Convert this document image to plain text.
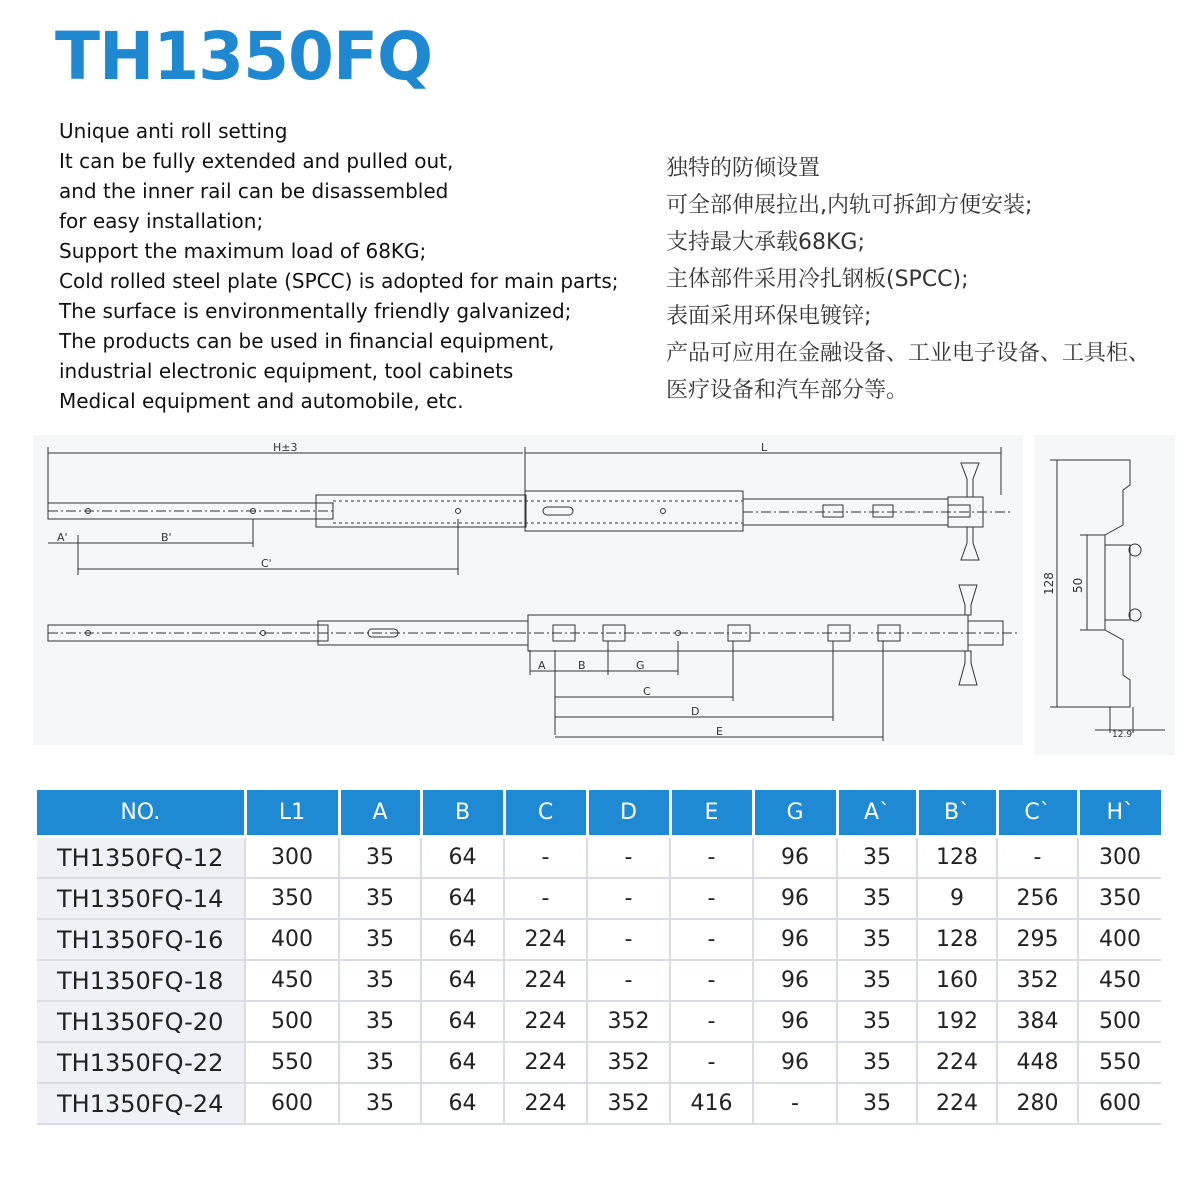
TH1350FQ
Unique anti roll setting
It can be fully extended and pulled out,
and the inner rail can be disassembled
for easy installation;
Support the maximum load of 68KG;
Cold rolled steel plate (SPCC) is adopted for main parts;
The surface is environmentally friendly galvanized;
The products can be used in financial equipment,
industrial electronic equipment, tool cabinets
Medical equipment and automobile, etc.
独特的防倾设置
可全部伸展拉出,内轨可拆卸方便安装;
支持最大承载68KG;
主体部件采用冷扎钢板(SPCC);
表面采用环保电镀锌;
产品可应用在金融设备、工业电子设备、工具柜、
医疗设备和汽车部分等。
H±3	L
A'	B'
C'
A	B	G
C
D
E
128 50
12.9
NO.	L1	A	B	C	D	E	G	A`	B`	C`	H`
TH1350FQ-12	300	35	64	-	-	-	96	35	128	-	300
TH1350FQ-14	350	35	64	-	-	-	96	35	9	256	350
TH1350FQ-16	400	35	64	224	-	-	96	35	128	295	400
TH1350FQ-18	450	35	64	224	-	-	96	35	160	352	450
TH1350FQ-20	500	35	64	224	352	-	96	35	192	384	500
TH1350FQ-22	550	35	64	224	352	-	96	35	224	448	550
TH1350FQ-24	600	35	64	224	352	416	-	35	224	280	600
